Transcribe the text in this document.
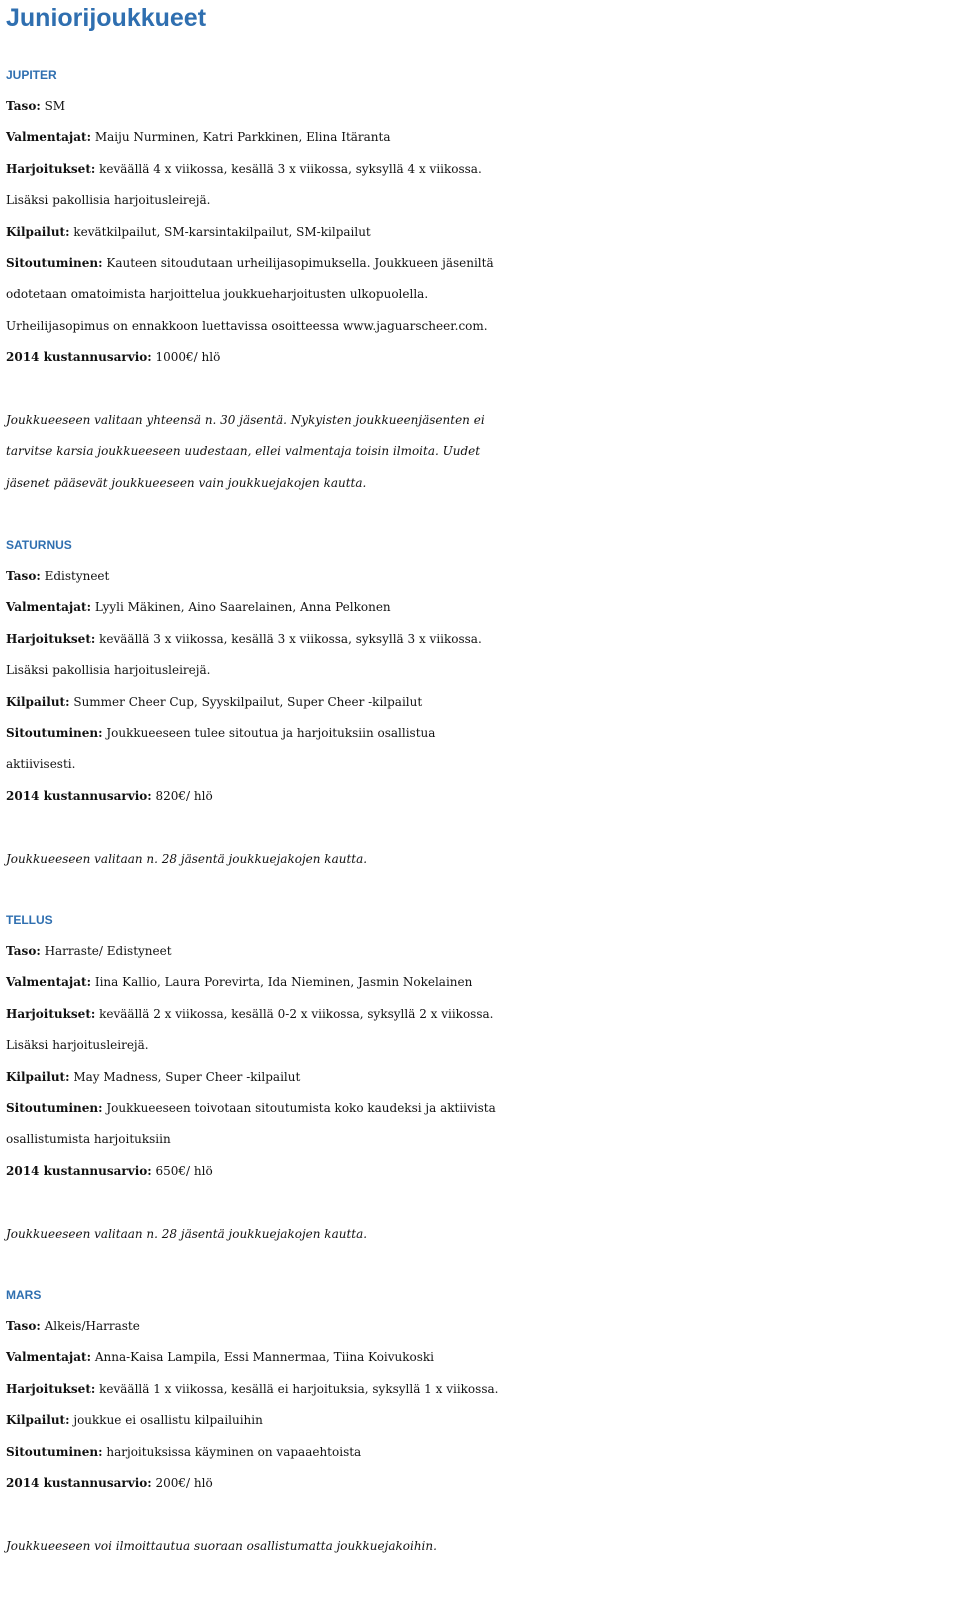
Juniorijoukkueet
JUPITER
Taso: SM
Valmentajat: Maiju Nurminen, Katri Parkkinen, Elina Itäranta
Harjoitukset: keväällä 4 x viikossa, kesällä 3 x viikossa, syksyllä 4 x viikossa.
Lisäksi pakollisia harjoitusleirejä.
Kilpailut: kevätkilpailut, SM-karsintakilpailut, SM-kilpailut
Sitoutuminen: Kauteen sitoudutaan urheilijasopimuksella. Joukkueen jäseniltä
odotetaan omatoimista harjoittelua joukkueharjoitusten ulkopuolella.
Urheilijasopimus on ennakkoon luettavissa osoitteessa www.jaguarscheer.com.
2014 kustannusarvio: 1000€/ hlö
Joukkueeseen valitaan yhteensä n. 30 jäsentä. Nykyisten joukkueenjäsenten ei
tarvitse karsia joukkueeseen uudestaan, ellei valmentaja toisin ilmoita. Uudet
jäsenet pääsevät joukkueeseen vain joukkuejakojen kautta.
SATURNUS
Taso: Edistyneet
Valmentajat: Lyyli Mäkinen, Aino Saarelainen, Anna Pelkonen
Harjoitukset: keväällä 3 x viikossa, kesällä 3 x viikossa, syksyllä 3 x viikossa.
Lisäksi pakollisia harjoitusleirejä.
Kilpailut: Summer Cheer Cup, Syyskilpailut, Super Cheer -kilpailut
Sitoutuminen: Joukkueeseen tulee sitoutua ja harjoituksiin osallistua
aktiivisesti.
2014 kustannusarvio: 820€/ hlö
Joukkueeseen valitaan n. 28 jäsentä joukkuejakojen kautta.
TELLUS
Taso: Harraste/ Edistyneet
Valmentajat: Iina Kallio, Laura Porevirta, Ida Nieminen, Jasmin Nokelainen
Harjoitukset: keväällä 2 x viikossa, kesällä 0-2 x viikossa, syksyllä 2 x viikossa.
Lisäksi harjoitusleirejä.
Kilpailut: May Madness, Super Cheer -kilpailut
Sitoutuminen: Joukkueeseen toivotaan sitoutumista koko kaudeksi ja aktiivista
osallistumista harjoituksiin
2014 kustannusarvio: 650€/ hlö
Joukkueeseen valitaan n. 28 jäsentä joukkuejakojen kautta.
MARS
Taso: Alkeis/Harraste
Valmentajat: Anna-Kaisa Lampila, Essi Mannermaa, Tiina Koivukoski
Harjoitukset: keväällä 1 x viikossa, kesällä ei harjoituksia, syksyllä 1 x viikossa.
Kilpailut: joukkue ei osallistu kilpailuihin
Sitoutuminen: harjoituksissa käyminen on vapaaehtoista
2014 kustannusarvio: 200€/ hlö
Joukkueeseen voi ilmoittautua suoraan osallistumatta joukkuejakoihin.
